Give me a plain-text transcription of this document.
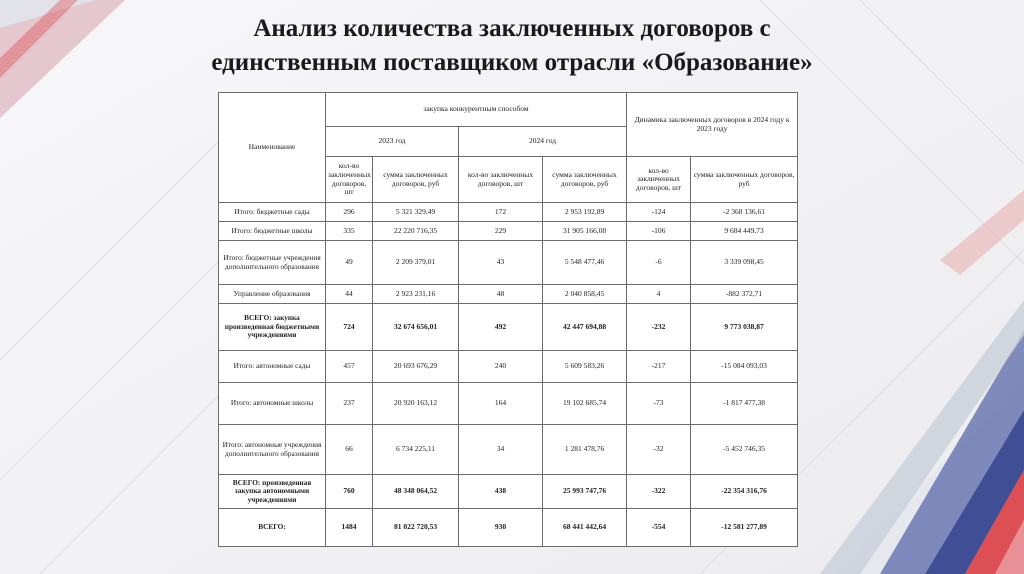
Анализ количества заключенных договоров с
единственным поставщиком отрасли «Образование»
Наименование	закупка конкурентным способом				Динамика заключенных договоров в 2024 году к 2023 году	
	2023 год		2024 год			
	кол-во заключенных договоров, шт	сумма заключенных договоров, руб	кол-во заключенных договоров, шт	сумма заключенных договоров, руб	кол-во заключенных договоров, шт	сумма заключенных договоров, руб
Итого: бюджетные сады	296	5 321 329,49	172	2 953 192,89	-124	-2 368 136,61
Итого: бюджетные школы	335	22 220 716,35	229	31 905 166,08	-106	9 684 449,73
Итого: бюджетные учреждения дополнительного образования	49	2 209 379,01	43	5 548 477,46	-6	3 339 098,45
Управление образования	44	2 923 231,16	48	2 040 858,45	4	-882 372,71
ВСЕГО: закупка произведенная бюджетными учреждениями	724	32 674 656,01	492	42 447 694,88	-232	9 773 038,87
Итого: автономные сады	457	20 693 676,29	240	5 609 583,26	-217	-15 084 093,03
Итого: автономные школы	237	20 920 163,12	164	19 102 685,74	-73	-1 817 477,38
Итого: автономные учреждения дополнительного образования	66	6 734 225,11	34	1 281 478,76	-32	-5 452 746,35
ВСЕГО: произведенная закупка автономными учреждениями	760	48 348 064,52	438	25 993 747,76	-322	-22 354 316,76
ВСЕГО:	1484	81 022 720,53	930	68 441 442,64	-554	-12 581 277,89
